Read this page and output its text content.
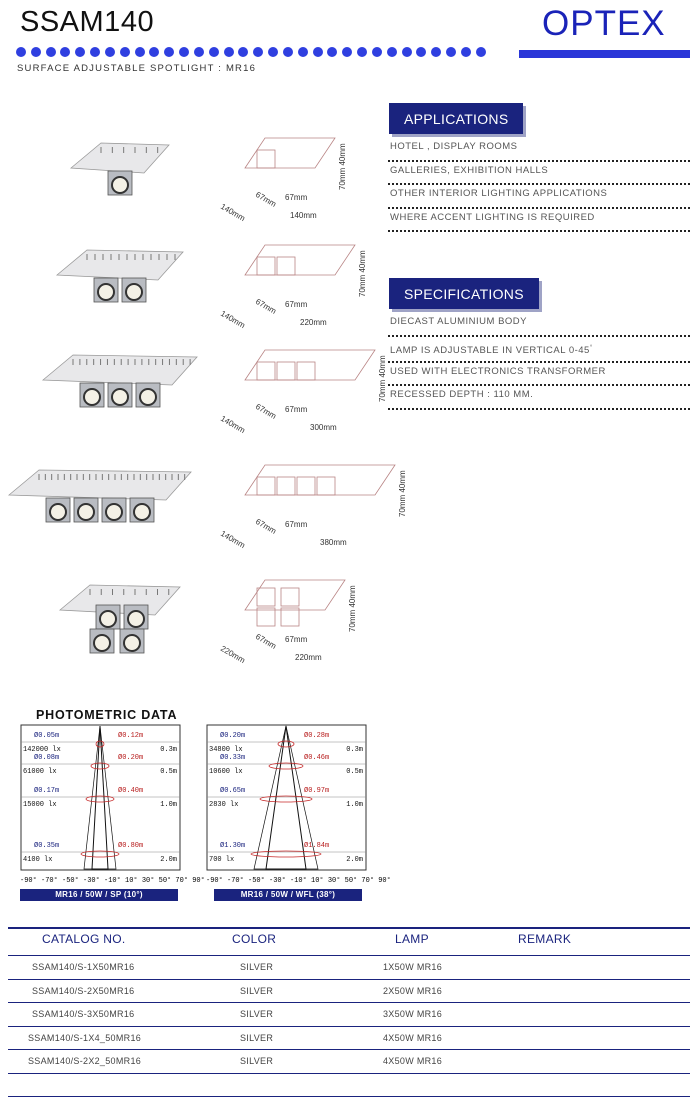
SSAM140	OPTEX
SURFACE ADJUSTABLE SPOTLIGHT : MR16
70mm 40mm
67mm 67mm
140mm	140mm
70mm 40mm
67mm 67mm
140mm	220mm
70mm 40mm
67mm 67mm
140mm	300mm
70mm 40mm
67mm 67mm
140mm	380mm
70mm 40mm
67mm 67mm
220mm	220mm
APPLICATIONS
HOTEL , DISPLAY ROOMS
GALLERIES, EXHIBITION HALLS
OTHER INTERIOR LIGHTING APPLICATIONS
WHERE ACCENT LIGHTING IS REQUIRED
SPECIFICATIONS
DIECAST ALUMINIUM BODY
LAMP IS ADJUSTABLE IN VERTICAL 0-45°
USED WITH ELECTRONICS TRANSFORMER
RECESSED DEPTH : 110 MM.
PHOTOMETRIC DATA
Ø0.05m	Ø0.12m
142000 lx	0.3m
Ø0.08m	Ø0.20m
61000 lx	0.5m
Ø0.17m	Ø0.40m
15000 lx	1.0m
Ø0.35m	Ø0.80m
4100 lx	2.0m
-90° -70° -50° -30° -10° 10° 30° 50° 70° 90°
MR16 / 50W / SP (10°)
Ø0.20m	Ø0.28m
34800 lx	0.3m
Ø0.33m	Ø0.46m
10600 lx	0.5m
Ø0.65m	Ø0.97m
2830 lx	1.0m
Ø1.30m	Ø1.84m
700 lx	2.0m
-90° -70° -50° -30° -10° 10° 30° 50° 70° 90°
MR16 / 50W / WFL (38°)
CATALOG NO.	COLOR	LAMP	REMARK
SSAM140/S-1X50MR16	SILVER	1X50W MR16
SSAM140/S-2X50MR16	SILVER	2X50W MR16
SSAM140/S-3X50MR16	SILVER	3X50W MR16
SSAM140/S-1X4_50MR16	SILVER	4X50W MR16
SSAM140/S-2X2_50MR16	SILVER	4X50W MR16
